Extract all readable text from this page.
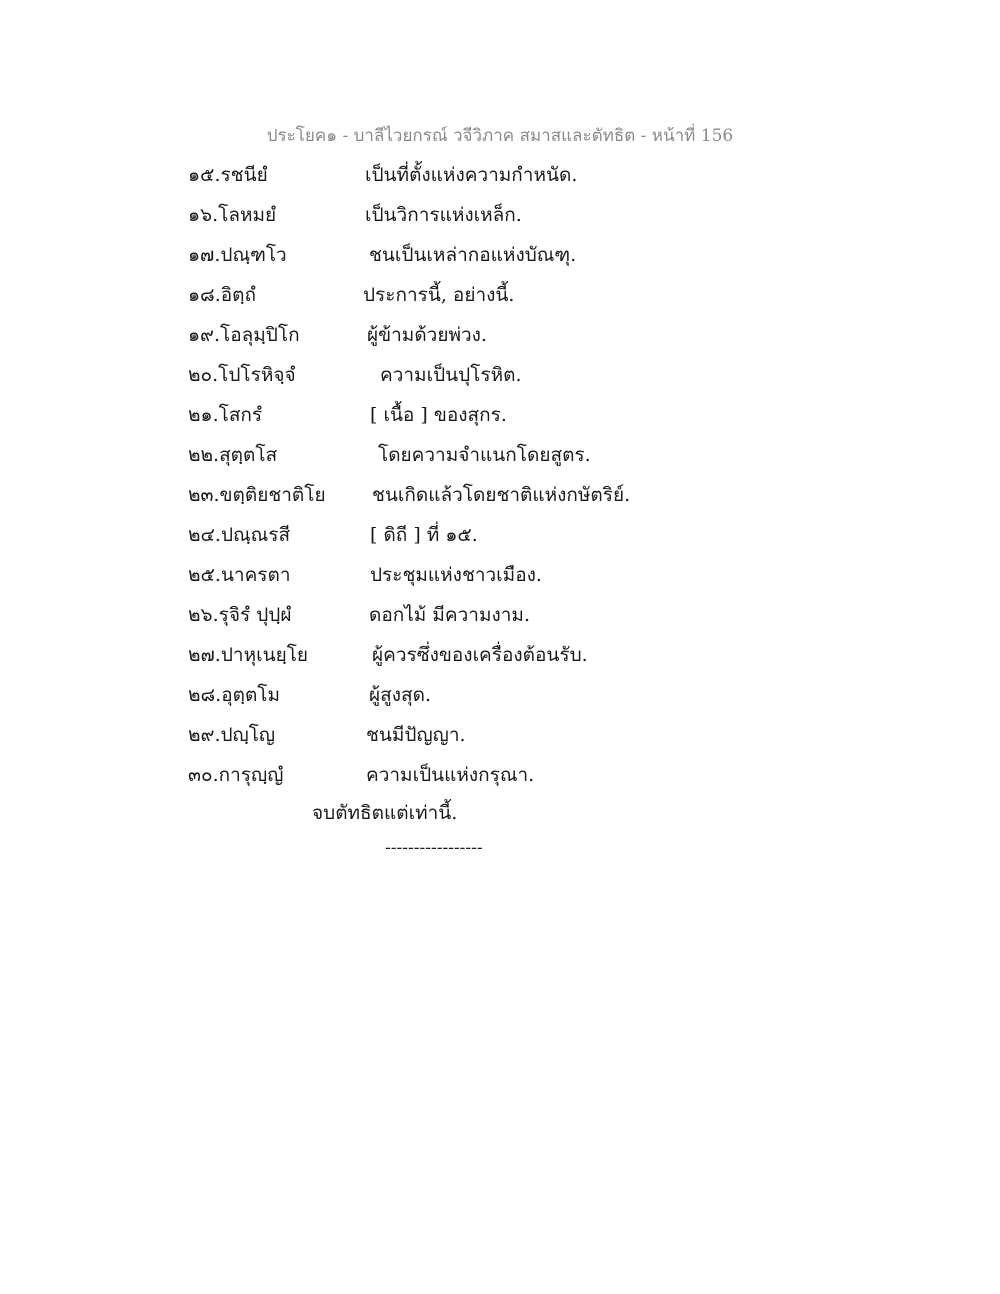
ประโยค๑ - บาลีไวยกรณ์ วจีวิภาค สมาสและตัทธิต - หน้าที่ 156
๑๕.รชนียํ	เป็นที่ตั้งแห่งความกำหนัด.
๑๖.โลหมยํ	เป็นวิการแห่งเหล็ก.
๑๗.ปณฺฑโว	ชนเป็นเหล่ากอแห่งบัณฑุ.
๑๘.อิตฺถํ	ประการนี้, อย่างนี้.
๑๙.โอลุมฺปิโก	ผู้ข้ามด้วยพ่วง.
๒๐.โปโรหิจฺจํ	ความเป็นปุโรหิต.
๒๑.โสกรํ	[ เนื้อ ] ของสุกร.
๒๒.สุตฺตโส	โดยความจำแนกโดยสูตร.
๒๓.ขตฺติยชาติโย ชนเกิดแล้วโดยชาติแห่งกษัตริย์.
๒๔.ปณฺณรสี	[ ดิถี ] ที่ ๑๕.
๒๕.นาครตา	ประชุมแห่งชาวเมือง.
๒๖.รุจิรํ ปุปฺผํ	ดอกไม้ มีความงาม.
๒๗.ปาหุเนยฺโย	ผู้ควรซึ่งของเครื่องต้อนรับ.
๒๘.อุตฺตโม	ผู้สูงสุด.
๒๙.ปญฺโญ	ชนมีปัญญา.
๓๐.การุญฺญํ	ความเป็นแห่งกรุณา.
จบตัทธิตแต่เท่านี้.
-----------------
